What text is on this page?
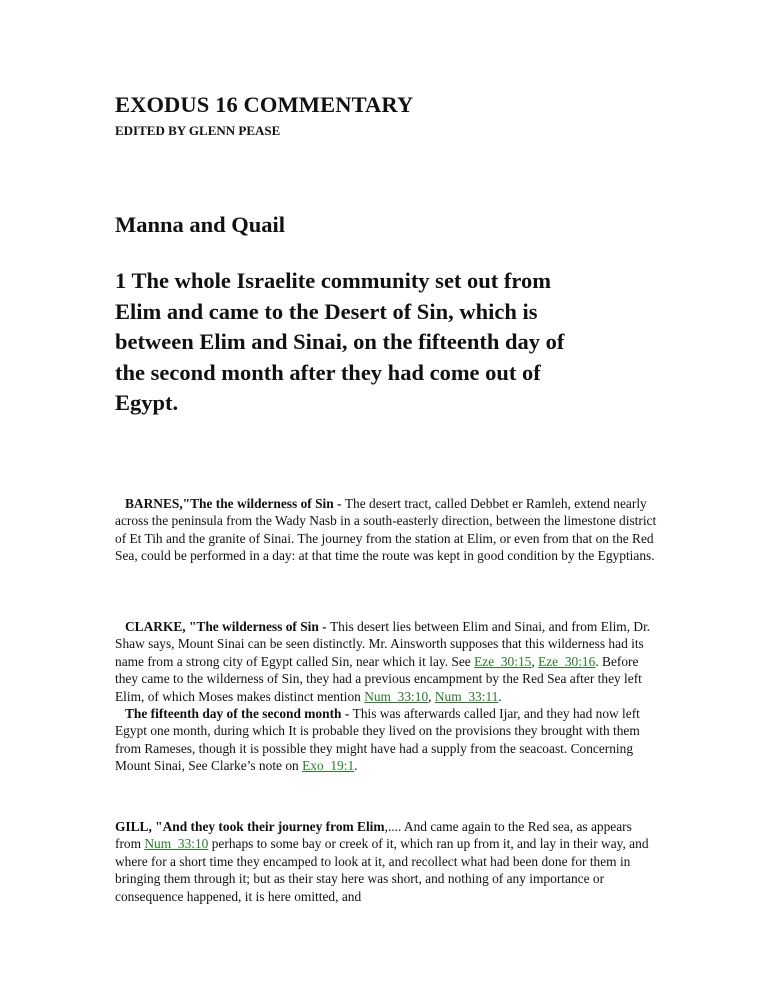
EXODUS 16 COMMENTARY
EDITED BY GLENN PEASE
Manna and Quail
1 The whole Israelite community set out from
Elim and came to the Desert of Sin, which is
between Elim and Sinai, on the fifteenth day of
the second month after they had come out of
Egypt.

BARNES,"The the wilderness of Sin - The desert tract, called Debbet er Ramleh, extend nearly across the peninsula from the Wady Nasb in a south-easterly direction, between the limestone district of Et Tih and the granite of Sinai. The journey from the station at Elim, or even from that on the Red Sea, could be performed in a day: at that time the route was kept in good condition by the Egyptians.

CLARKE, "The wilderness of Sin - This desert lies between Elim and Sinai, and from Elim, Dr. Shaw says, Mount Sinai can be seen distinctly. Mr. Ainsworth supposes that this wilderness had its name from a strong city of Egypt called Sin, near which it lay. See Eze_30:15, Eze_30:16. Before they came to the wilderness of Sin, they had a previous encampment by the Red Sea after they left Elim, of which Moses makes distinct mention Num_33:10, Num_33:11.

The fifteenth day of the second month - This was afterwards called Ijar, and they had now left Egypt one month, during which It is probable they lived on the provisions they brought with them from Rameses, though it is possible they might have had a supply from the seacoast. Concerning Mount Sinai, See Clarke’s note on Exo_19:1.

GILL, "And they took their journey from Elim,.... And came again to the Red sea, as appears from Num_33:10 perhaps to some bay or creek of it, which ran up from it, and lay in their way, and where for a short time they encamped to look at it, and recollect what had been done for them in bringing them through it; but as their stay here was short, and nothing of any importance or consequence happened, it is here omitted, and
